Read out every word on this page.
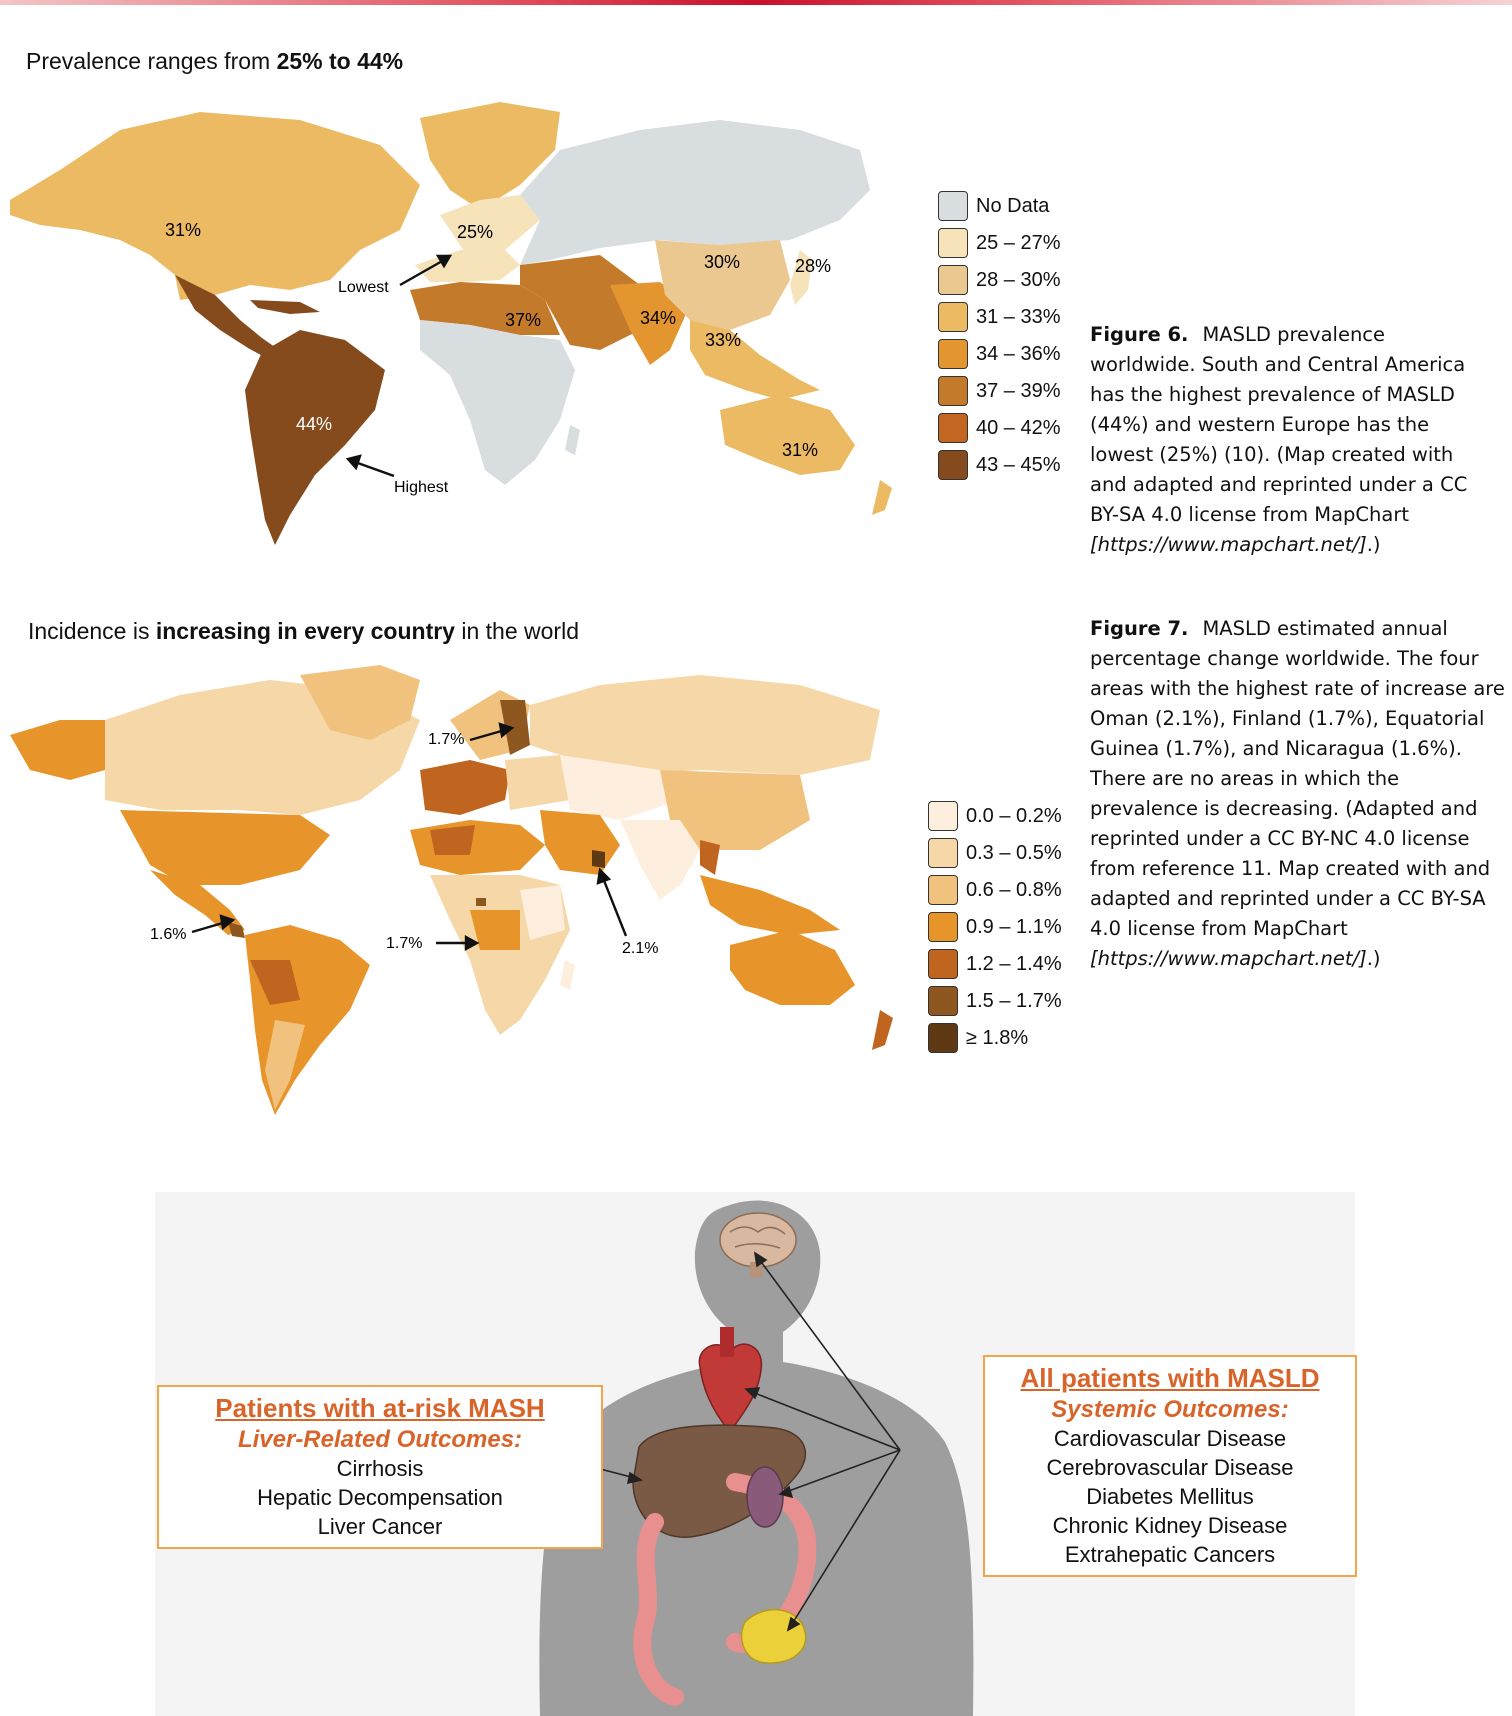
Prevalence ranges from 25% to 44%
31%	25%
30%	28%
37%	34%
33%
44%
31%
Lowest
Highest
No Data
25 – 27%
28 – 30%
31 – 33%
34 – 36%
37 – 39%
40 – 42%
43 – 45%
Figure 6. MASLD prevalence worldwide. South and Central America has the highest prevalence of MASLD (44%) and western Europe has the lowest (25%) (10). (Map created with and adapted and reprinted under a CC BY-SA 4.0 license from MapChart [https://www.mapchart.net/].)
Incidence is increasing in every country in the world
1.7%
1.6%
1.7%	2.1%
0.0 – 0.2%
0.3 – 0.5%
0.6 – 0.8%
0.9 – 1.1%
1.2 – 1.4%
1.5 – 1.7%
≥ 1.8%
Figure 7. MASLD estimated annual percentage change worldwide. The four areas with the highest rate of increase are Oman (2.1%), Finland (1.7%), Equatorial Guinea (1.7%), and Nicaragua (1.6%). There are no areas in which the prevalence is decreasing. (Adapted and reprinted under a CC BY-NC 4.0 license from reference 11. Map created with and adapted and reprinted under a CC BY-SA 4.0 license from MapChart [https://www.mapchart.net/].)
Patients with at-risk MASH
Liver-Related Outcomes:
Cirrhosis
Hepatic Decompensation
Liver Cancer
All patients with MASLD
Systemic Outcomes:
Cardiovascular Disease
Cerebrovascular Disease
Diabetes Mellitus
Chronic Kidney Disease
Extrahepatic Cancers
